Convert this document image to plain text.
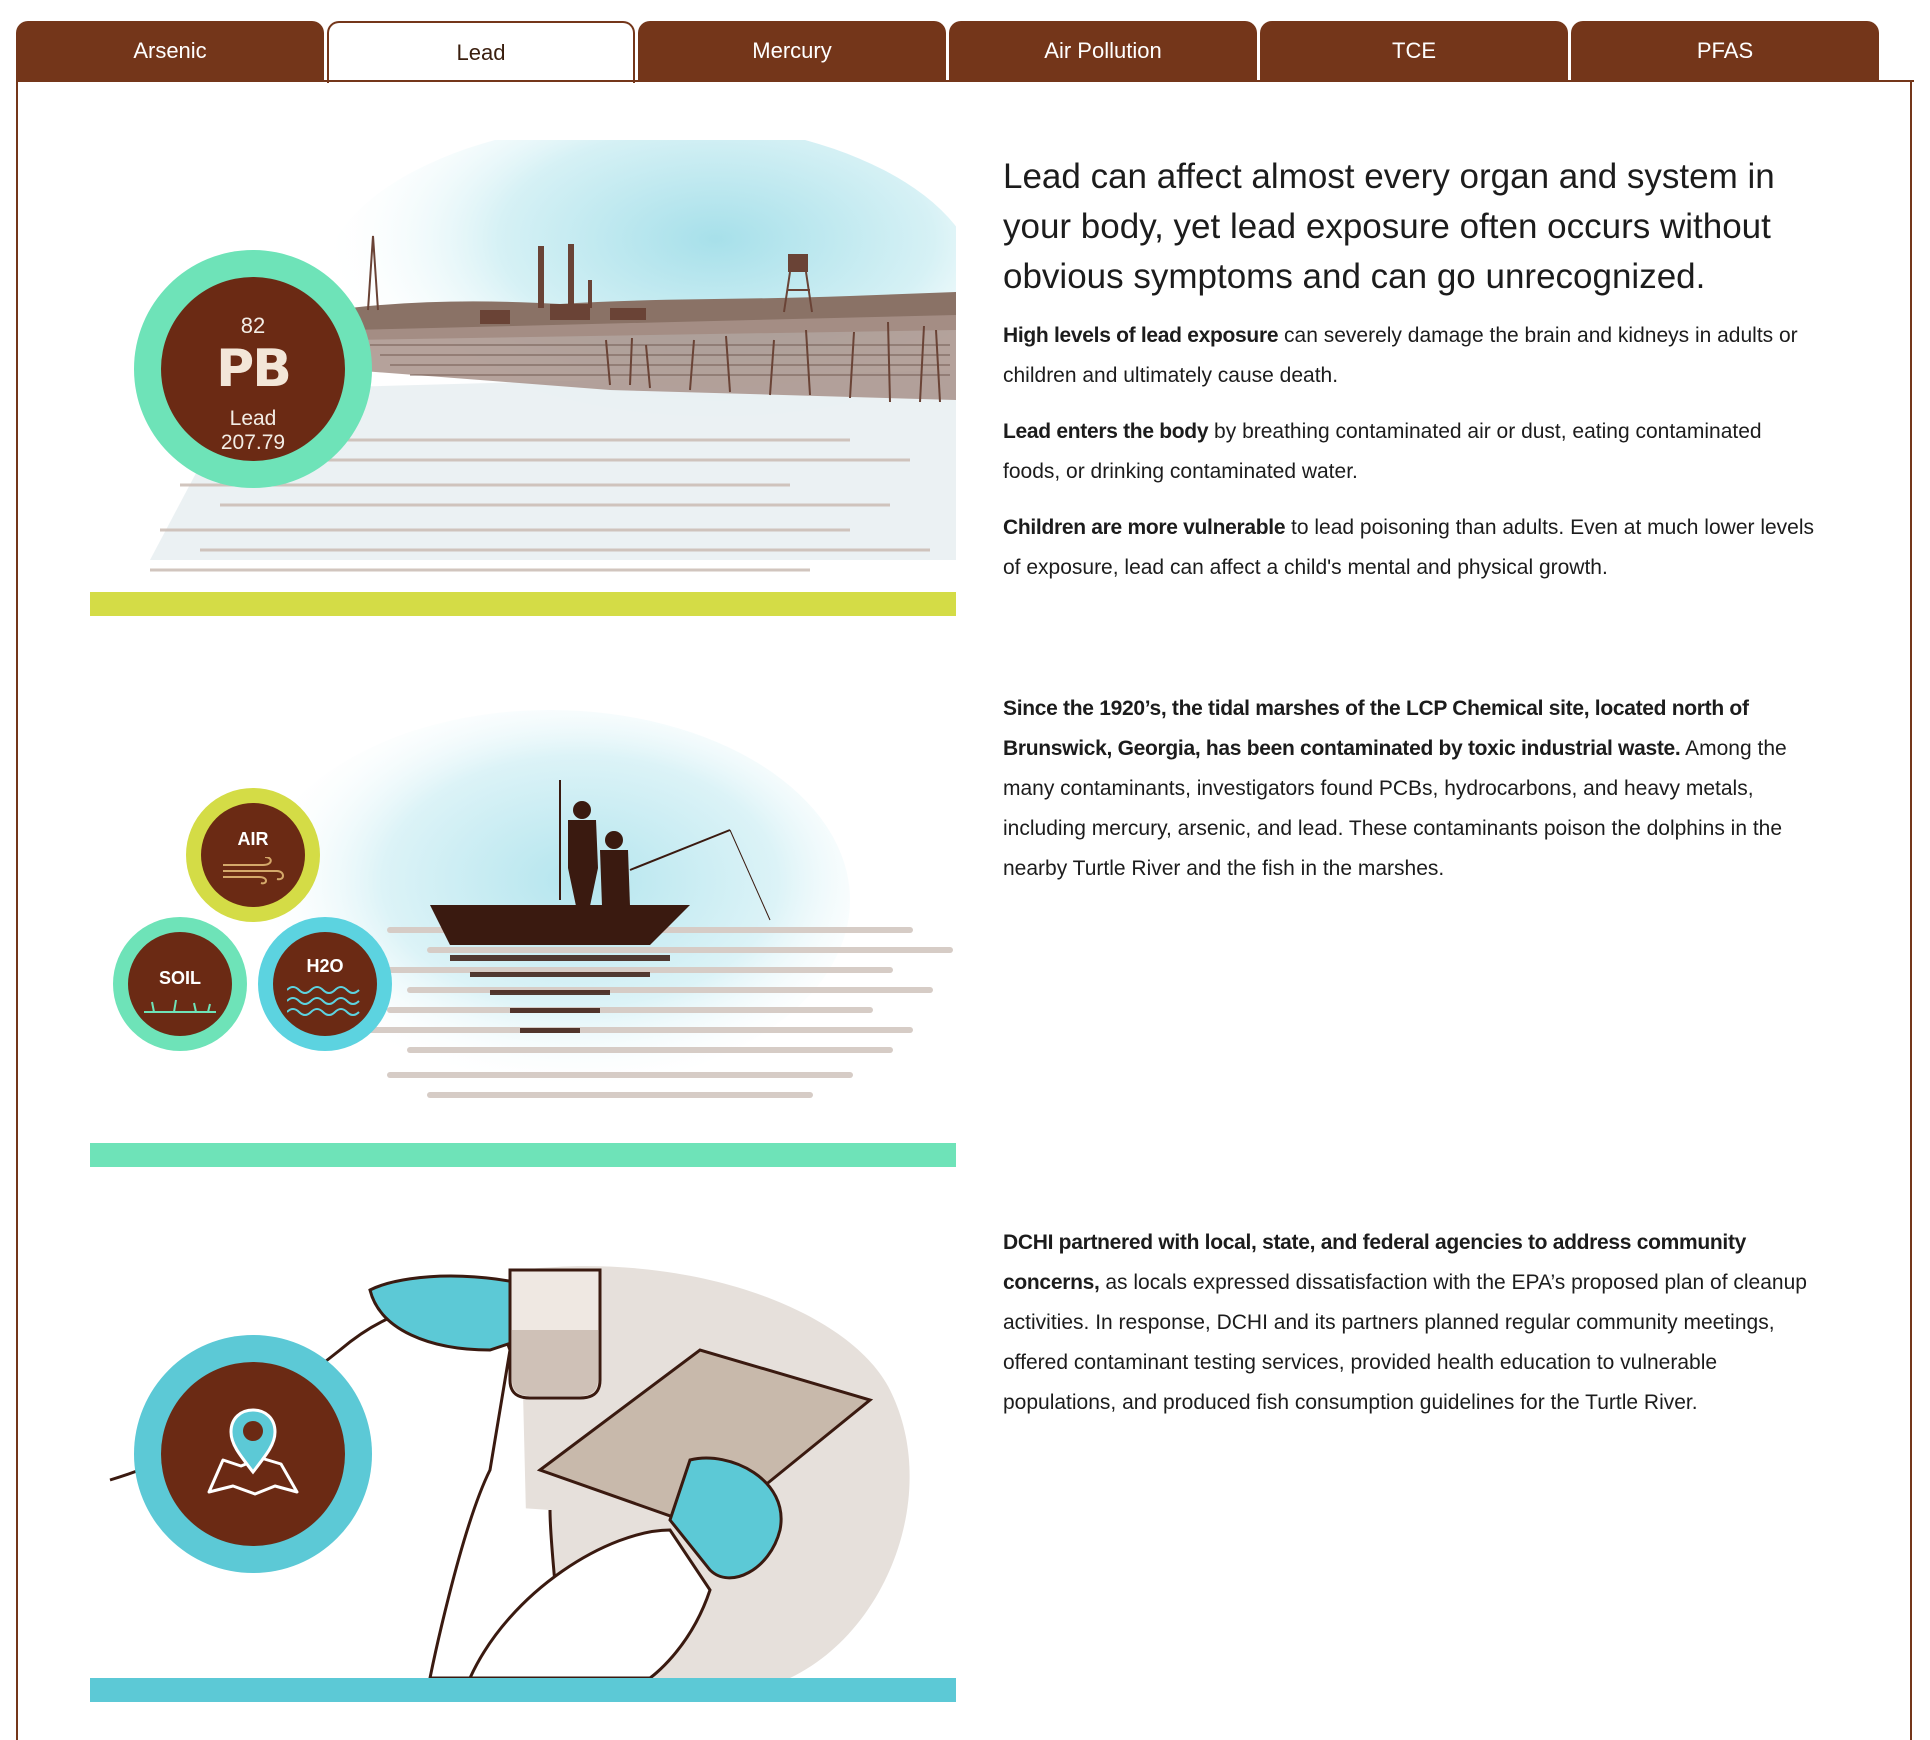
Arsenic	Lead	Mercury	Air Pollution	TCE	PFAS
82
PB
Lead
207.79
Lead can affect almost every organ and system in your body, yet lead exposure often occurs without obvious symptoms and can go unrecognized.

High levels of lead exposure can severely damage the brain and kidneys in adults or children and ultimately cause death.

Lead enters the body by breathing contaminated air or dust, eating contaminated foods, or drinking contaminated water.

Children are more vulnerable to lead poisoning than adults. Even at much lower levels of exposure, lead can affect a child's mental and physical growth.

AIR
SOIL
H2O

Since the 1920’s, the tidal marshes of the LCP Chemical site, located north of Brunswick, Georgia, has been contaminated by toxic industrial waste. Among the many contaminants, investigators found PCBs, hydrocarbons, and heavy metals, including mercury, arsenic, and lead. These contaminants poison the dolphins in the nearby Turtle River and the fish in the marshes.

DCHI partnered with local, state, and federal agencies to address community concerns, as locals expressed dissatisfaction with the EPA’s proposed plan of cleanup activities. In response, DCHI and its partners planned regular community meetings, offered contaminant testing services, provided health education to vulnerable populations, and produced fish consumption guidelines for the Turtle River.
